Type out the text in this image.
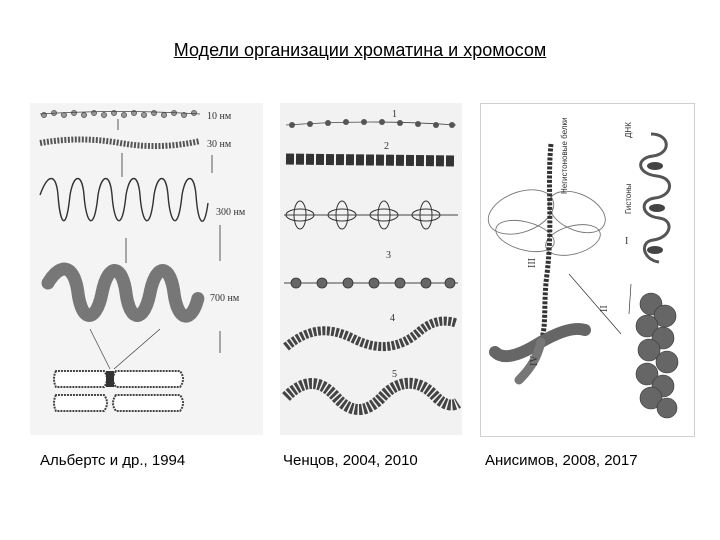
Модели организации хроматина и хромосом
10 нм
30 нм
300 нм
700 нм
1
2
3
4
5
Негистоновые белки
Гистоны
ДНК
I
II
III
IV
Альбертс и др., 1994	Ченцов, 2004, 2010	Анисимов, 2008, 2017
